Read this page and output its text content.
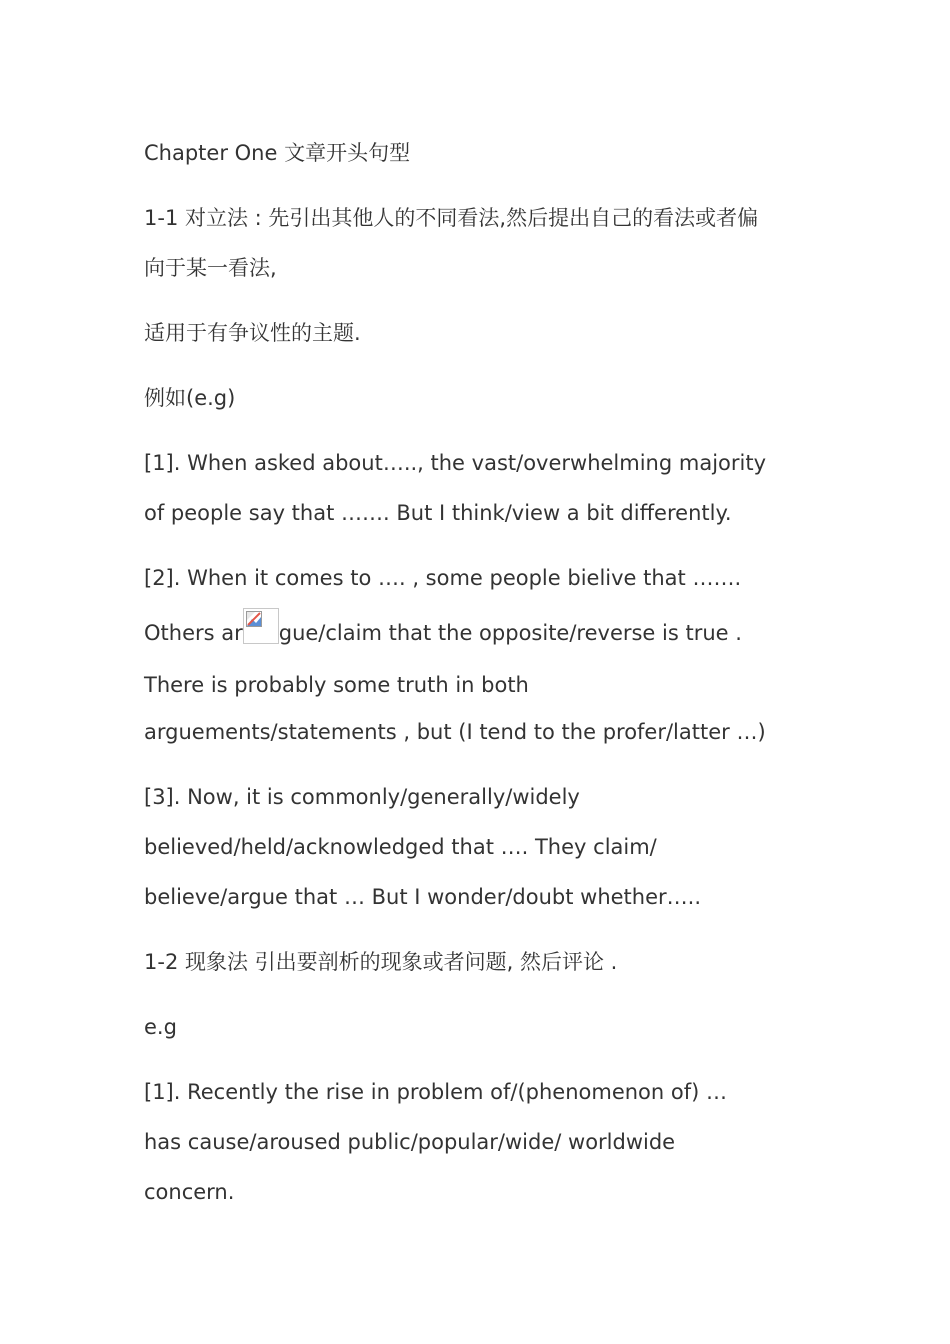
Chapter One 文章开头句型

1-1 对立法 : 先引出其他人的不同看法,然后提出自己的看法或者偏
向于某一看法,

适用于有争议性的主题.

例如(e.g)

[1]. When asked about….., the vast/overwhelming majority
of people say that ……. But I think/view a bit differently.

[2]. When it comes to …. , some people bielive that …….
Others ar gue/claim that the opposite/reverse is true .
There is probably some truth in both
arguements/statements , but (I tend to the profer/latter …)

[3]. Now, it is commonly/generally/widely
believed/held/acknowledged that …. They claim/
believe/argue that … But I wonder/doubt whether…..

1-2 现象法 引出要剖析的现象或者问题, 然后评论 .

e.g

[1]. Recently the rise in problem of/(phenomenon of) …
has cause/aroused public/popular/wide/ worldwide
concern.
